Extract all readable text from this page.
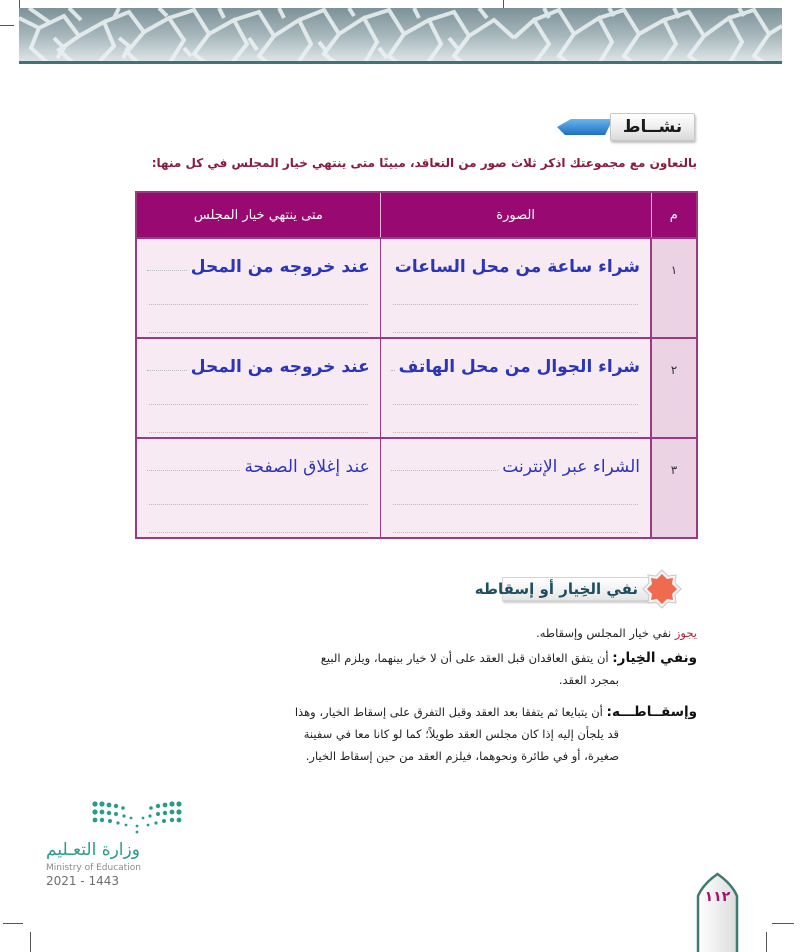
نشــاط
بالتعاون مع مجموعتك اذكر ثلاث صور من التعاقد، مبينًا متى ينتهي خيار المجلس في كل منها:
م	الصورة	متى ينتهي خيار المجلس
١	شراء ساعة من محل الساعات	عند خروجه من المحل

٢	شراء الجوال من محل الهاتف	عند خروجه من المحل

٣	الشراء عبر الإنترنت	عند إغلاق الصفحة
نفي الخِيار أو إسقاطه
يجوز نفي خيار المجلس وإسقاطه.
ونفي الخِيار: أن يتفق العاقدان قبل العقد على أن لا خيار بينهما، ويلزم البيع
بمجرد العقد.
وإسقــاطـــه: أن يتبايعا ثم يتفقا بعد العقد وقبل التفرق على إسقاط الخيار، وهذا
قد يلجأن إليه إذا كان مجلس العقد طويلاً؛ كما لو كانا معا في سفينة
صغيرة، أو في طائرة ونحوهما، فيلزم العقد من حين إسقاط الخيار.
وزارة التعـليم
Ministry of Education
2021 - 1443
١١٢
